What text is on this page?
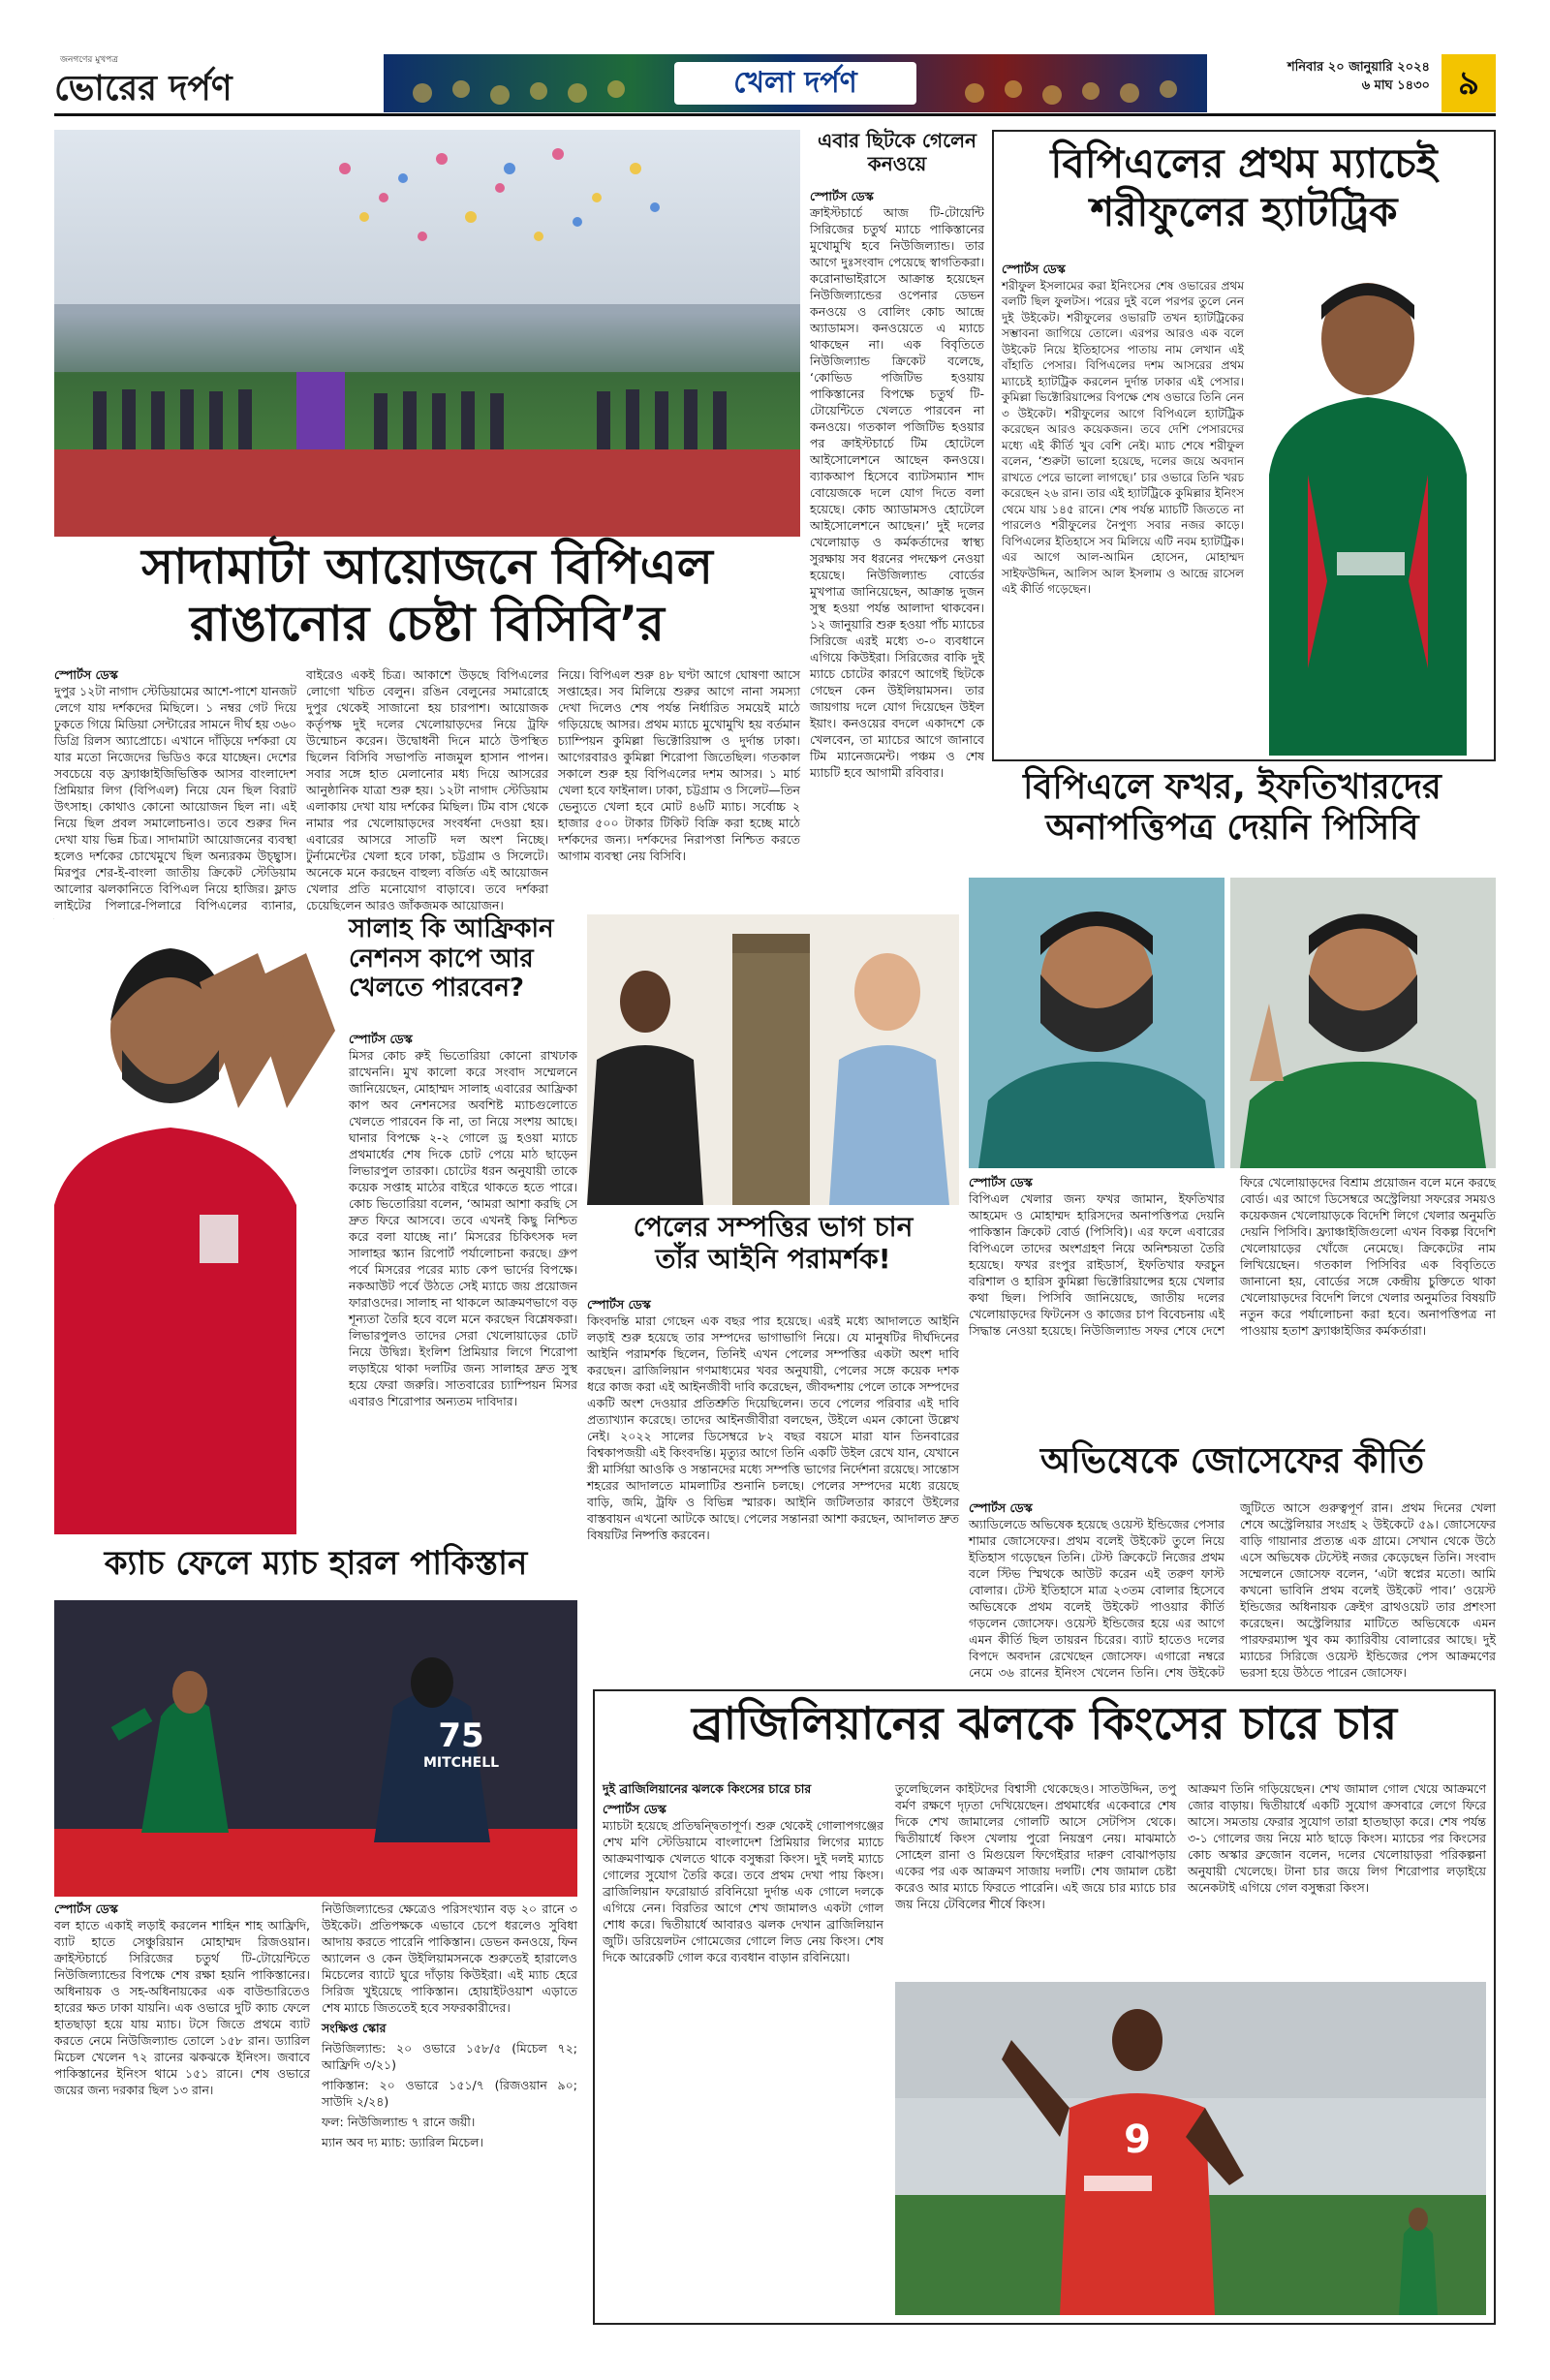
জনগণের মুখপত্র
ভোরের দর্পণ	খেলা দর্পণ	শনিবার ২০ জানুয়ারি ২০২৪
৬ মাঘ ১৪৩০ ৯
সাদামাটা আয়োজনে বিপিএল
রাঙানোর চেষ্টা বিসিবি’র
স্পোর্টস ডেস্ক

দুপুর ১২টা নাগাদ স্টেডিয়ামের আশে-পাশে যানজট লেগে যায় দর্শকদের মিছিলে। ১ নম্বর গেট দিয়ে ঢুকতে গিয়ে মিডিয়া সেন্টারের সামনে দীর্ঘ হয় ৩৬০ ডিগ্রি রিলস অ্যাপ্রোচে। এখানে দাঁড়িয়ে দর্শকরা যে যার মতো নিজেদের ভিডিও করে যাচ্ছেন। দেশের সবচেয়ে বড় ফ্র্যাঞ্চাইজিভিত্তিক আসর বাংলাদেশ প্রিমিয়ার লিগ (বিপিএল) নিয়ে যেন ছিল বিরাট উৎসাহ। কোথাও কোনো আয়োজন ছিল না। এই নিয়ে ছিল প্রবল সমালোচনাও। তবে শুরুর দিন দেখা যায় ভিন্ন চিত্র। সাদামাটা আয়োজনের ব্যবস্থা হলেও দর্শকের চোখেমুখে ছিল অন্যরকম উচ্ছ্বাস। মিরপুর শের-ই-বাংলা জাতীয় ক্রিকেট স্টেডিয়াম আলোর ঝলকানিতে বিপিএল নিয়ে হাজির। ফ্লাড লাইটের পিলারে-পিলারে বিপিএলের ব্যানার,

বাইরেও একই চিত্র। আকাশে উড়ছে বিপিএলের লোগো খচিত বেলুন। রঙিন বেলুনের সমারোহে দুপুর থেকেই সাজানো হয় চারপাশ। আয়োজক কর্তৃপক্ষ দুই দলের খেলোয়াড়দের নিয়ে ট্রফি উন্মোচন করেন। উদ্বোধনী দিনে মাঠে উপস্থিত ছিলেন বিসিবি সভাপতি নাজমুল হাসান পাপন। সবার সঙ্গে হাত মেলানোর মধ্য দিয়ে আসরের আনুষ্ঠানিক যাত্রা শুরু হয়। ১২টা নাগাদ স্টেডিয়াম এলাকায় দেখা যায় দর্শকের মিছিল। টিম বাস থেকে নামার পর খেলোয়াড়দের সংবর্ধনা দেওয়া হয়। এবারের আসরে সাতটি দল অংশ নিচ্ছে। টুর্নামেন্টের খেলা হবে ঢাকা, চট্টগ্রাম ও সিলেটে। অনেকে মনে করছেন বাহুল্য বর্জিত এই আয়োজন খেলার প্রতি মনোযোগ বাড়াবে। তবে দর্শকরা চেয়েছিলেন আরও জাঁকজমক আয়োজন।

নিয়ে। বিপিএল শুরু ৪৮ ঘণ্টা আগে ঘোষণা আসে সপ্তাহের। সব মিলিয়ে শুরুর আগে নানা সমস্যা দেখা দিলেও শেষ পর্যন্ত নির্ধারিত সময়েই মাঠে গড়িয়েছে আসর। প্রথম ম্যাচে মুখোমুখি হয় বর্তমান চ্যাম্পিয়ন কুমিল্লা ভিক্টোরিয়ান্স ও দুর্দান্ত ঢাকা। আগেরবারও কুমিল্লা শিরোপা জিতেছিল। গতকাল সকালে শুরু হয় বিপিএলের দশম আসর। ১ মার্চ খেলা হবে ফাইনাল। ঢাকা, চট্টগ্রাম ও সিলেট—তিন ভেন্যুতে খেলা হবে মোট ৪৬টি ম্যাচ। সর্বোচ্চ ২ হাজার ৫০০ টাকার টিকিট বিক্রি করা হচ্ছে মাঠে দর্শকদের জন্য। দর্শকদের নিরাপত্তা নিশ্চিত করতে আগাম ব্যবস্থা নেয় বিসিবি।

এবার ছিটকে গেলেন কনওয়ে
স্পোর্টস ডেস্ক

ক্রাইস্টচার্চে আজ টি-টোয়েন্টি সিরিজের চতুর্থ ম্যাচে পাকিস্তানের মুখোমুখি হবে নিউজিল্যান্ড। তার আগে দুঃসংবাদ পেয়েছে স্বাগতিকরা। করোনাভাইরাসে আক্রান্ত হয়েছেন নিউজিল্যান্ডের ওপেনার ডেভন কনওয়ে ও বোলিং কোচ আন্দ্রে অ্যাডামস। কনওয়েতে এ ম্যাচে থাকছেন না। এক বিবৃতিতে নিউজিল্যান্ড ক্রিকেট বলেছে, ‘কোভিড পজিটিভ হওয়ায় পাকিস্তানের বিপক্ষে চতুর্থ টি-টোয়েন্টিতে খেলতে পারবেন না কনওয়ে। গতকাল পজিটিভ হওয়ার পর ক্রাইস্টচার্চে টিম হোটেলে আইসোলেশনে আছেন কনওয়ে। ব্যাকআপ হিসেবে ব্যাটসম্যান শাদ বোয়েজকে দলে যোগ দিতে বলা হয়েছে। কোচ অ্যাডামসও হোটেলে আইসোলেশনে আছেন।’ দুই দলের খেলোয়াড় ও কর্মকর্তাদের স্বাস্থ্য সুরক্ষায় সব ধরনের পদক্ষেপ নেওয়া হয়েছে। নিউজিল্যান্ড বোর্ডের মুখপাত্র জানিয়েছেন, আক্রান্ত দুজন সুস্থ হওয়া পর্যন্ত আলাদা থাকবেন। ১২ জানুয়ারি শুরু হওয়া পাঁচ ম্যাচের সিরিজে এরই মধ্যে ৩-০ ব্যবধানে এগিয়ে কিউইরা। সিরিজের বাকি দুই ম্যাচে চোটের কারণে আগেই ছিটকে গেছেন কেন উইলিয়ামসন। তার জায়গায় দলে যোগ দিয়েছেন উইল ইয়াং। কনওয়ের বদলে একাদশে কে খেলবেন, তা ম্যাচের আগে জানাবে টিম ম্যানেজমেন্ট। পঞ্চম ও শেষ ম্যাচটি হবে আগামী রবিবার।

বিপিএলের প্রথম ম্যাচেই
শরীফুলের হ্যাটট্রিক
স্পোর্টস ডেস্ক

শরীফুল ইসলামের করা ইনিংসের শেষ ওভারের প্রথম বলটি ছিল ফুলটস। পরের দুই বলে পরপর তুলে নেন দুই উইকেট। শরীফুলের ওভারটি তখন হ্যাটট্রিকের সম্ভাবনা জাগিয়ে তোলে। এরপর আরও এক বলে উইকেট নিয়ে ইতিহাসের পাতায় নাম লেখান এই বাঁহাতি পেসার। বিপিএলের দশম আসরের প্রথম ম্যাচেই হ্যাটট্রিক করলেন দুর্দান্ত ঢাকার এই পেসার। কুমিল্লা ভিক্টোরিয়ান্সের বিপক্ষে শেষ ওভারে তিনি নেন ৩ উইকেট। শরীফুলের আগে বিপিএলে হ্যাটট্রিক করেছেন আরও কয়েকজন। তবে দেশি পেসারদের মধ্যে এই কীর্তি খুব বেশি নেই। ম্যাচ শেষে শরীফুল বলেন, ‘শুরুটা ভালো হয়েছে, দলের জয়ে অবদান রাখতে পেরে ভালো লাগছে।’ চার ওভারে তিনি খরচ করেছেন ২৬ রান। তার এই হ্যাটট্রিকে কুমিল্লার ইনিংস থেমে যায় ১৪৫ রানে। শেষ পর্যন্ত ম্যাচটি জিততে না পারলেও শরীফুলের নৈপুণ্য সবার নজর কাড়ে। বিপিএলের ইতিহাসে সব মিলিয়ে এটি নবম হ্যাটট্রিক। এর আগে আল-আমিন হোসেন, মোহাম্মদ সাইফউদ্দিন, আলিস আল ইসলাম ও আন্দ্রে রাসেল এই কীর্তি গড়েছেন।

বিপিএলে ফখর, ইফতিখারদের
অনাপত্তিপত্র দেয়নি পিসিবি
স্পোর্টস ডেস্ক

বিপিএল খেলার জন্য ফখর জামান, ইফতিখার আহমেদ ও মোহাম্মদ হারিসদের অনাপত্তিপত্র দেয়নি পাকিস্তান ক্রিকেট বোর্ড (পিসিবি)। এর ফলে এবারের বিপিএলে তাদের অংশগ্রহণ নিয়ে অনিশ্চয়তা তৈরি হয়েছে। ফখর রংপুর রাইডার্স, ইফতিখার ফরচুন বরিশাল ও হারিস কুমিল্লা ভিক্টোরিয়ান্সের হয়ে খেলার কথা ছিল। পিসিবি জানিয়েছে, জাতীয় দলের খেলোয়াড়দের ফিটনেস ও কাজের চাপ বিবেচনায় এই সিদ্ধান্ত নেওয়া হয়েছে। নিউজিল্যান্ড সফর শেষে দেশে ফিরে খেলোয়াড়দের বিশ্রাম প্রয়োজন বলে মনে করছে বোর্ড। এর আগে ডিসেম্বরে অস্ট্রেলিয়া সফরের সময়ও কয়েকজন খেলোয়াড়কে বিদেশি লিগে খেলার অনুমতি দেয়নি পিসিবি। ফ্র্যাঞ্চাইজিগুলো এখন বিকল্প বিদেশি খেলোয়াড়ের খোঁজে নেমেছে। ক্রিকেটের নাম লিখিয়েছেন। গতকাল পিসিবির এক বিবৃতিতে জানানো হয়, বোর্ডের সঙ্গে কেন্দ্রীয় চুক্তিতে থাকা খেলোয়াড়দের বিদেশি লিগে খেলার অনুমতির বিষয়টি নতুন করে পর্যালোচনা করা হবে। অনাপত্তিপত্র না পাওয়ায় হতাশ ফ্র্যাঞ্চাইজির কর্মকর্তারা।

সালাহ কি আফ্রিকান নেশনস কাপে আর খেলতে পারবেন?
স্পোর্টস ডেস্ক

মিসর কোচ রুই ভিতোরিয়া কোনো রাখঢাক রাখেননি। মুখ কালো করে সংবাদ সম্মেলনে জানিয়েছেন, মোহাম্মদ সালাহ এবারের আফ্রিকা কাপ অব নেশনসের অবশিষ্ট ম্যাচগুলোতে খেলতে পারবেন কি না, তা নিয়ে সংশয় আছে। ঘানার বিপক্ষে ২-২ গোলে ড্র হওয়া ম্যাচে প্রথমার্ধের শেষ দিকে চোট পেয়ে মাঠ ছাড়েন লিভারপুল তারকা। চোটের ধরন অনুযায়ী তাকে কয়েক সপ্তাহ মাঠের বাইরে থাকতে হতে পারে। কোচ ভিতোরিয়া বলেন, ‘আমরা আশা করছি সে দ্রুত ফিরে আসবে। তবে এখনই কিছু নিশ্চিত করে বলা যাচ্ছে না।’ মিসরের চিকিৎসক দল সালাহর স্ক্যান রিপোর্ট পর্যালোচনা করছে। গ্রুপ পর্বে মিসরের পরের ম্যাচ কেপ ভার্দের বিপক্ষে। নকআউট পর্বে উঠতে সেই ম্যাচে জয় প্রয়োজন ফারাওদের। সালাহ না থাকলে আক্রমণভাগে বড় শূন্যতা তৈরি হবে বলে মনে করছেন বিশ্লেষকরা। লিভারপুলও তাদের সেরা খেলোয়াড়ের চোট নিয়ে উদ্বিগ্ন। ইংলিশ প্রিমিয়ার লিগে শিরোপা লড়াইয়ে থাকা দলটির জন্য সালাহর দ্রুত সুস্থ হয়ে ফেরা জরুরি। সাতবারের চ্যাম্পিয়ন মিসর এবারও শিরোপার অন্যতম দাবিদার।

পেলের সম্পত্তির ভাগ চান
তাঁর আইনি পরামর্শক!
স্পোর্টস ডেস্ক

কিংবদন্তি মারা গেছেন এক বছর পার হয়েছে। এরই মধ্যে আদালতে আইনি লড়াই শুরু হয়েছে তার সম্পদের ভাগাভাগি নিয়ে। যে মানুষটির দীর্ঘদিনের আইনি পরামর্শক ছিলেন, তিনিই এখন পেলের সম্পত্তির একটা অংশ দাবি করছেন। ব্রাজিলিয়ান গণমাধ্যমের খবর অনুযায়ী, পেলের সঙ্গে কয়েক দশক ধরে কাজ করা এই আইনজীবী দাবি করেছেন, জীবদ্দশায় পেলে তাকে সম্পদের একটি অংশ দেওয়ার প্রতিশ্রুতি দিয়েছিলেন। তবে পেলের পরিবার এই দাবি প্রত্যাখ্যান করেছে। তাদের আইনজীবীরা বলছেন, উইলে এমন কোনো উল্লেখ নেই। ২০২২ সালের ডিসেম্বরে ৮২ বছর বয়সে মারা যান তিনবারের বিশ্বকাপজয়ী এই কিংবদন্তি। মৃত্যুর আগে তিনি একটি উইল রেখে যান, যেখানে স্ত্রী মার্সিয়া আওকি ও সন্তানদের মধ্যে সম্পত্তি ভাগের নির্দেশনা রয়েছে। সান্তোস শহরের আদালতে মামলাটির শুনানি চলছে। পেলের সম্পদের মধ্যে রয়েছে বাড়ি, জমি, ট্রফি ও বিভিন্ন স্মারক। আইনি জটিলতার কারণে উইলের বাস্তবায়ন এখনো আটকে আছে। পেলের সন্তানরা আশা করছেন, আদালত দ্রুত বিষয়টির নিষ্পত্তি করবেন।

অভিষেকে জোসেফের কীর্তি
স্পোর্টস ডেস্ক

অ্যাডিলেডে অভিষেক হয়েছে ওয়েস্ট ইন্ডিজের পেসার শামার জোসেফের। প্রথম বলেই উইকেট তুলে নিয়ে ইতিহাস গড়েছেন তিনি। টেস্ট ক্রিকেটে নিজের প্রথম বলে স্টিভ স্মিথকে আউট করেন এই তরুণ ফাস্ট বোলার। টেস্ট ইতিহাসে মাত্র ২৩তম বোলার হিসেবে অভিষেকে প্রথম বলেই উইকেট পাওয়ার কীর্তি গড়লেন জোসেফ। ওয়েস্ট ইন্ডিজের হয়ে এর আগে এমন কীর্তি ছিল তায়রন চিরের। ব্যাট হাতেও দলের বিপদে অবদান রেখেছেন জোসেফ। এগারো নম্বরে নেমে ৩৬ রানের ইনিংস খেলেন তিনি। শেষ উইকেট জুটিতে আসে গুরুত্বপূর্ণ রান। প্রথম দিনের খেলা শেষে অস্ট্রেলিয়ার সংগ্রহ ২ উইকেটে ৫৯। জোসেফের বাড়ি গায়ানার প্রত্যন্ত এক গ্রামে। সেখান থেকে উঠে এসে অভিষেক টেস্টেই নজর কেড়েছেন তিনি। সংবাদ সম্মেলনে জোসেফ বলেন, ‘এটা স্বপ্নের মতো। আমি কখনো ভাবিনি প্রথম বলেই উইকেট পাব।’ ওয়েস্ট ইন্ডিজের অধিনায়ক ক্রেইগ ব্রাথওয়েট তার প্রশংসা করেছেন। অস্ট্রেলিয়ার মাটিতে অভিষেকে এমন পারফরম্যান্স খুব কম ক্যারিবীয় বোলারের আছে। দুই ম্যাচের সিরিজে ওয়েস্ট ইন্ডিজের পেস আক্রমণের ভরসা হয়ে উঠতে পারেন জোসেফ।

ক্যাচ ফেলে ম্যাচ হারল পাকিস্তান
75
MITCHELL
স্পোর্টস ডেস্ক

বল হাতে একাই লড়াই করলেন শাহিন শাহ আফ্রিদি, ব্যাট হাতে সেঞ্চুরিয়ান মোহাম্মদ রিজওয়ান। ক্রাইস্টচার্চে সিরিজের চতুর্থ টি-টোয়েন্টিতে নিউজিল্যান্ডের বিপক্ষে শেষ রক্ষা হয়নি পাকিস্তানের। অধিনায়ক ও সহ-অধিনায়কের এক বাউন্ডারিতেও হারের ক্ষত ঢাকা যায়নি। এক ওভারে দুটি ক্যাচ ফেলে হাতছাড়া হয়ে যায় ম্যাচ। টসে জিতে প্রথমে ব্যাট করতে নেমে নিউজিল্যান্ড তোলে ১৫৮ রান। ড্যারিল মিচেল খেলেন ৭২ রানের ঝকঝকে ইনিংস। জবাবে পাকিস্তানের ইনিংস থামে ১৫১ রানে। শেষ ওভারে জয়ের জন্য দরকার ছিল ১৩ রান।

নিউজিল্যান্ডের ক্ষেত্রেও পরিসংখ্যান বড় ২০ রানে ৩ উইকেট। প্রতিপক্ষকে এভাবে চেপে ধরলেও সুবিধা আদায় করতে পারেনি পাকিস্তান। ডেভন কনওয়ে, ফিন অ্যালেন ও কেন উইলিয়ামসনকে শুরুতেই হারালেও মিচেলের ব্যাটে ঘুরে দাঁড়ায় কিউইরা। এই ম্যাচ হেরে সিরিজ খুইয়েছে পাকিস্তান। হোয়াইটওয়াশ এড়াতে শেষ ম্যাচে জিততেই হবে সফরকারীদের।

সংক্ষিপ্ত স্কোর

নিউজিল্যান্ড: ২০ ওভারে ১৫৮/৫ (মিচেল ৭২; আফ্রিদি ৩/২১)

পাকিস্তান: ২০ ওভারে ১৫১/৭ (রিজওয়ান ৯০; সাউদি ২/২৪)

ফল: নিউজিল্যান্ড ৭ রানে জয়ী।

ম্যান অব দ্য ম্যাচ: ড্যারিল মিচেল।

ব্রাজিলিয়ানের ঝলকে কিংসের চারে চার

দুই ব্রাজিলিয়ানের ঝলকে কিংসের চারে চার

স্পোর্টস ডেস্ক

ম্যাচটা হয়েছে প্রতিদ্বন্দ্বিতাপূর্ণ। শুরু থেকেই গোলাপগঞ্জের শেখ মণি স্টেডিয়ামে বাংলাদেশ প্রিমিয়ার লিগের ম্যাচে আক্রমণাত্মক খেলতে থাকে বসুন্ধরা কিংস। দুই দলই ম্যাচে গোলের সুযোগ তৈরি করে। তবে প্রথম দেখা পায় কিংস। ব্রাজিলিয়ান ফরোয়ার্ড রবিনিয়ো দুর্দান্ত এক গোলে দলকে এগিয়ে নেন। বিরতির আগে শেখ জামালও একটা গোল শোধ করে। দ্বিতীয়ার্ধে আবারও ঝলক দেখান ব্রাজিলিয়ান জুটি। ডরিয়েলটন গোমেজের গোলে লিড নেয় কিংস। শেষ দিকে আরেকটি গোল করে ব্যবধান বাড়ান রবিনিয়ো।

তুলেছিলেন কাইটদের বিশ্বাসী থেকেছেও। সাতউদ্দিন, তপু বর্মণ রক্ষণে দৃঢ়তা দেখিয়েছেন। প্রথমার্ধের একেবারে শেষ দিকে শেখ জামালের গোলটি আসে সেটপিস থেকে। দ্বিতীয়ার্ধে কিংস খেলায় পুরো নিয়ন্ত্রণ নেয়। মাঝমাঠে সোহেল রানা ও মিগুয়েল ফিগেইরার দারুণ বোঝাপড়ায় একের পর এক আক্রমণ সাজায় দলটি। শেষ জামাল চেষ্টা করেও আর ম্যাচে ফিরতে পারেনি। এই জয়ে চার ম্যাচে চার জয় নিয়ে টেবিলের শীর্ষে কিংস।

আক্রমণ তিনি গড়িয়েছেন। শেখ জামাল গোল খেয়ে আক্রমণে জোর বাড়ায়। দ্বিতীয়ার্ধে একটি সুযোগ ক্রসবারে লেগে ফিরে আসে। সমতায় ফেরার সুযোগ তারা হাতছাড়া করে। শেষ পর্যন্ত ৩-১ গোলের জয় নিয়ে মাঠ ছাড়ে কিংস। ম্যাচের পর কিংসের কোচ অস্কার ব্রুজোন বলেন, দলের খেলোয়াড়রা পরিকল্পনা অনুযায়ী খেলেছে। টানা চার জয়ে লিগ শিরোপার লড়াইয়ে অনেকটাই এগিয়ে গেল বসুন্ধরা কিংস।

9
